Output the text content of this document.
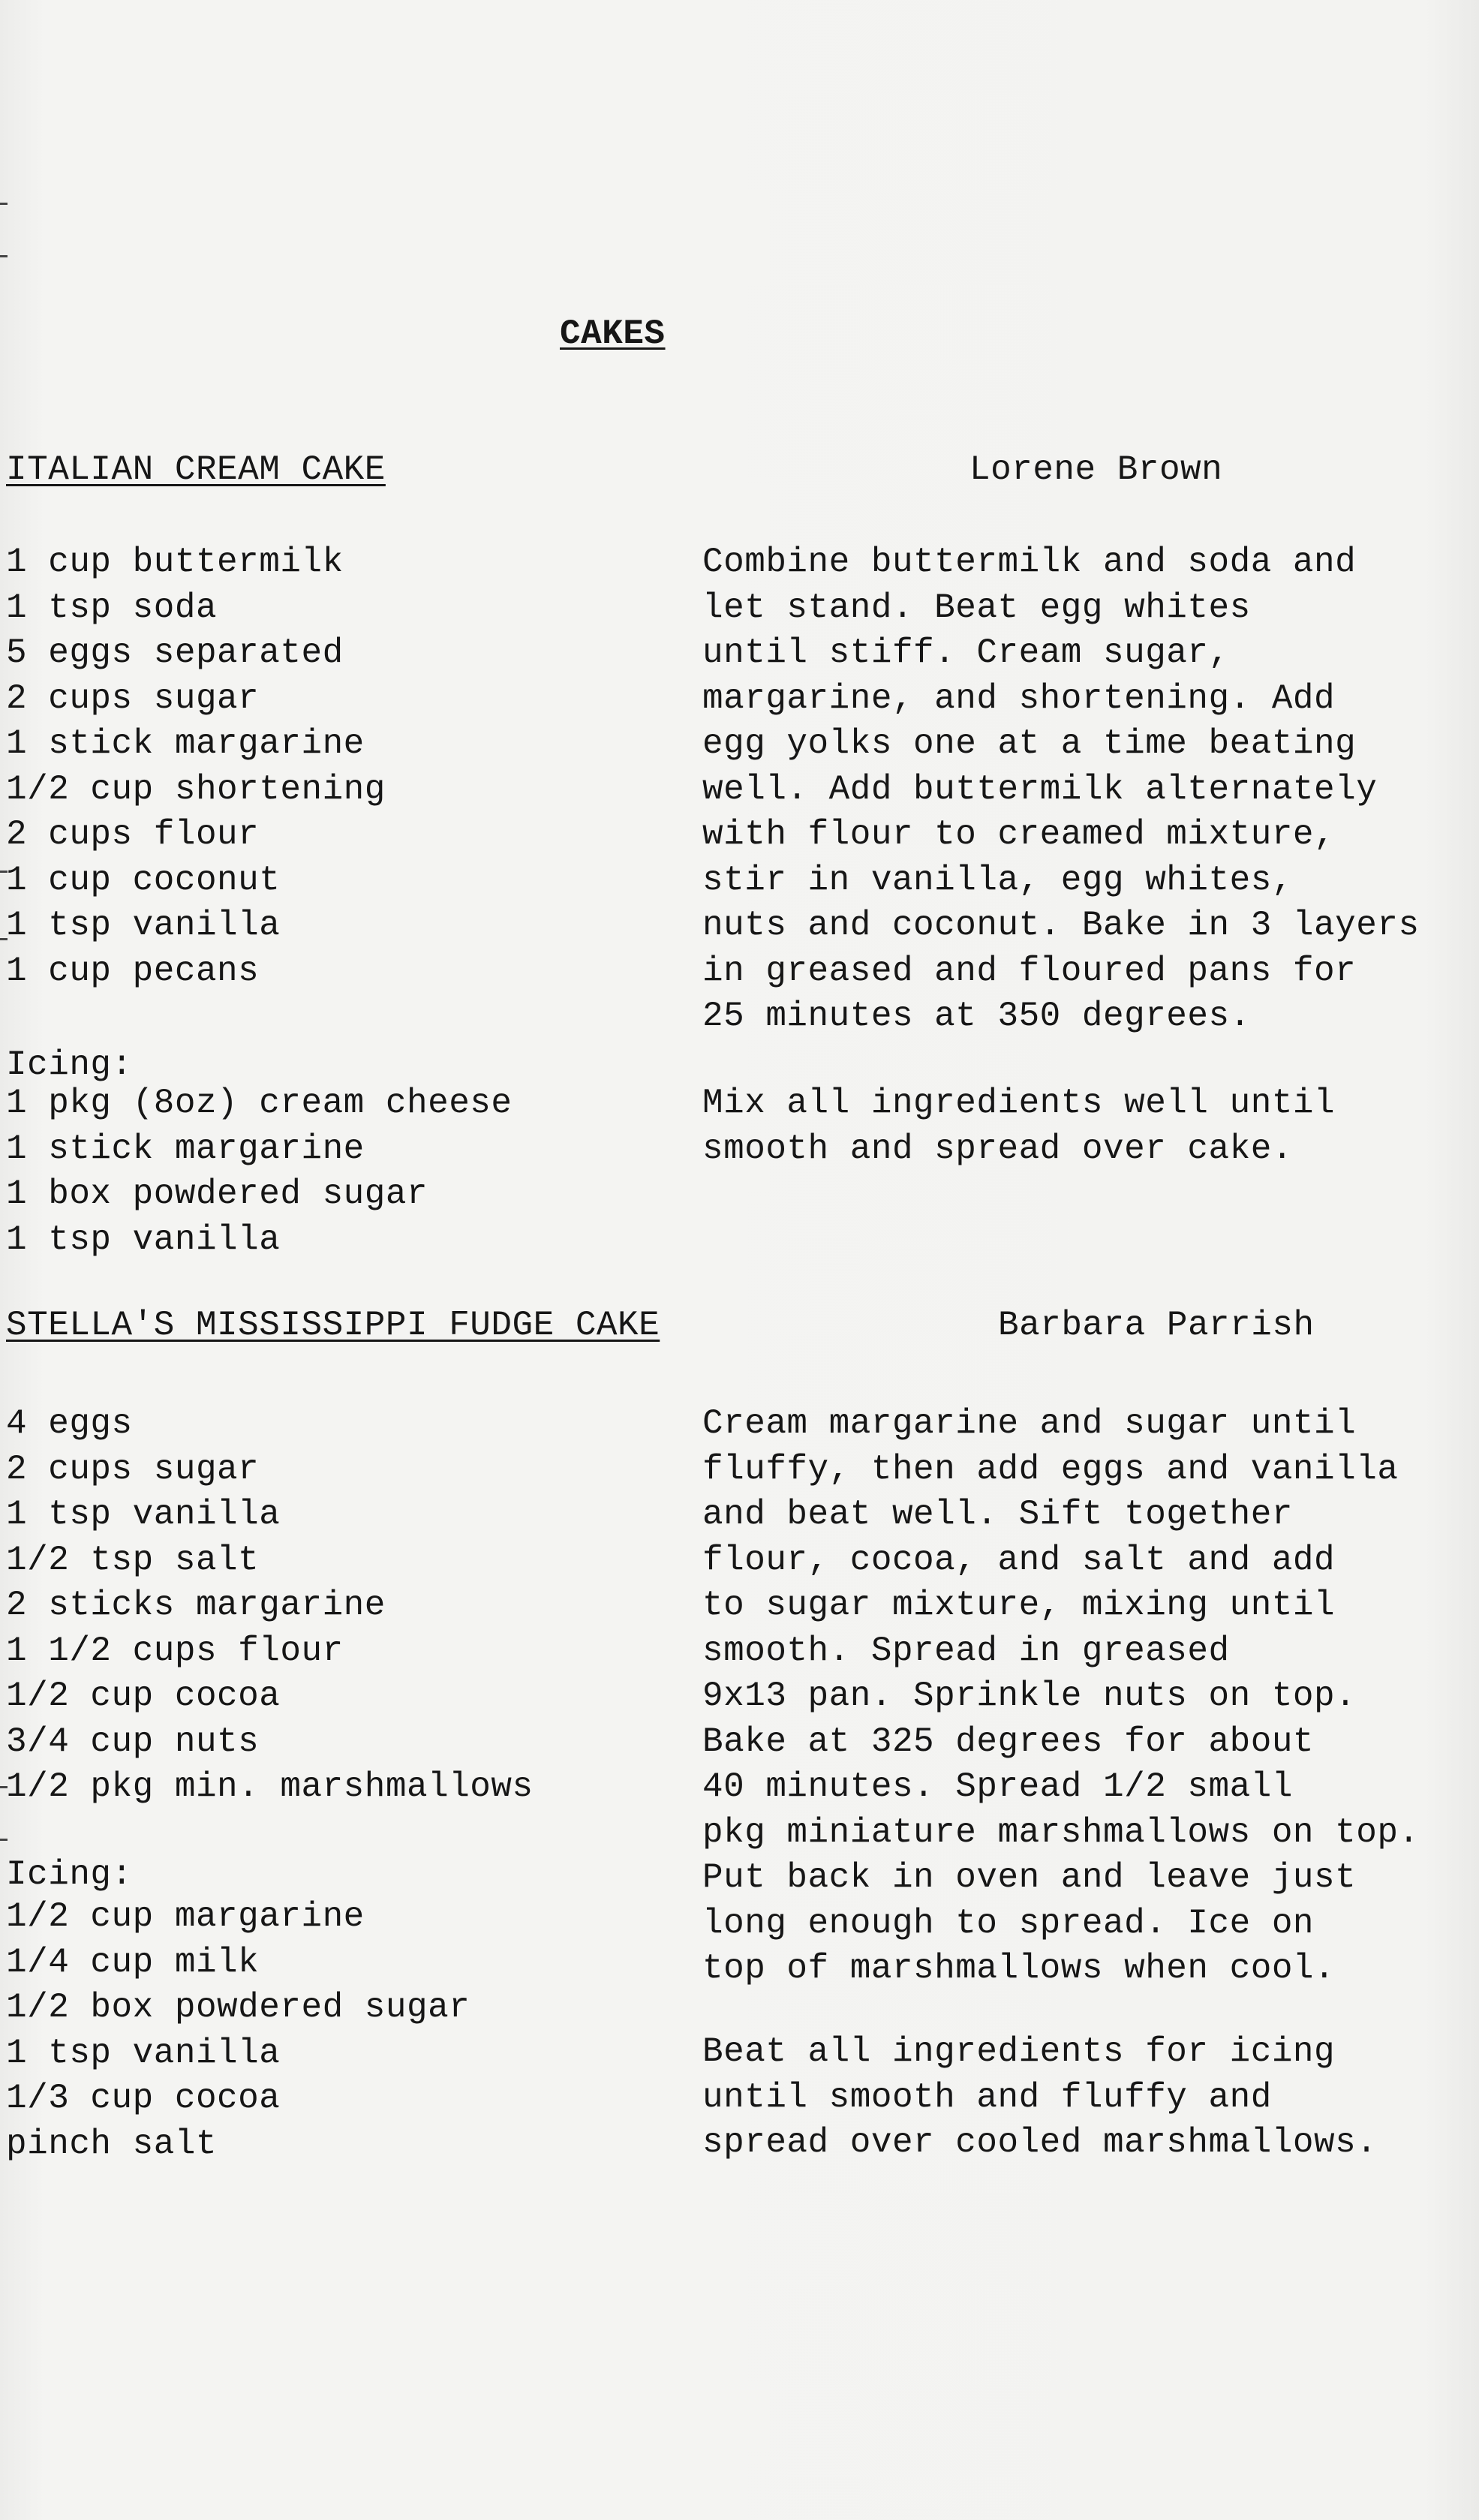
CAKES
ITALIAN CREAM CAKE	Lorene Brown
1 cup buttermilk
1 tsp soda
5 eggs separated
2 cups sugar
1 stick margarine
1/2 cup shortening
2 cups flour
1 cup coconut
1 tsp vanilla
1 cup pecans
Combine buttermilk and soda and
let stand. Beat egg whites
until stiff. Cream sugar,
margarine, and shortening. Add
egg yolks one at a time beating
well. Add buttermilk alternately
with flour to creamed mixture,
stir in vanilla, egg whites,
nuts and coconut. Bake in 3 layers
in greased and floured pans for
25 minutes at 350 degrees.
Icing:
1 pkg (8oz) cream cheese
1 stick margarine
1 box powdered sugar
1 tsp vanilla
Mix all ingredients well until
smooth and spread over cake.
STELLA'S MISSISSIPPI FUDGE CAKE	Barbara Parrish
4 eggs
2 cups sugar
1 tsp vanilla
1/2 tsp salt
2 sticks margarine
1 1/2 cups flour
1/2 cup cocoa
3/4 cup nuts
1/2 pkg min. marshmallows
Cream margarine and sugar until
fluffy, then add eggs and vanilla
and beat well. Sift together
flour, cocoa, and salt and add
to sugar mixture, mixing until
smooth. Spread in greased
9x13 pan. Sprinkle nuts on top.
Bake at 325 degrees for about
40 minutes. Spread 1/2 small
pkg miniature marshmallows on top.
Put back in oven and leave just
long enough to spread. Ice on
top of marshmallows when cool.
Icing:
1/2 cup margarine
1/4 cup milk
1/2 box powdered sugar
1 tsp vanilla
1/3 cup cocoa
pinch salt
Beat all ingredients for icing
until smooth and fluffy and
spread over cooled marshmallows.
